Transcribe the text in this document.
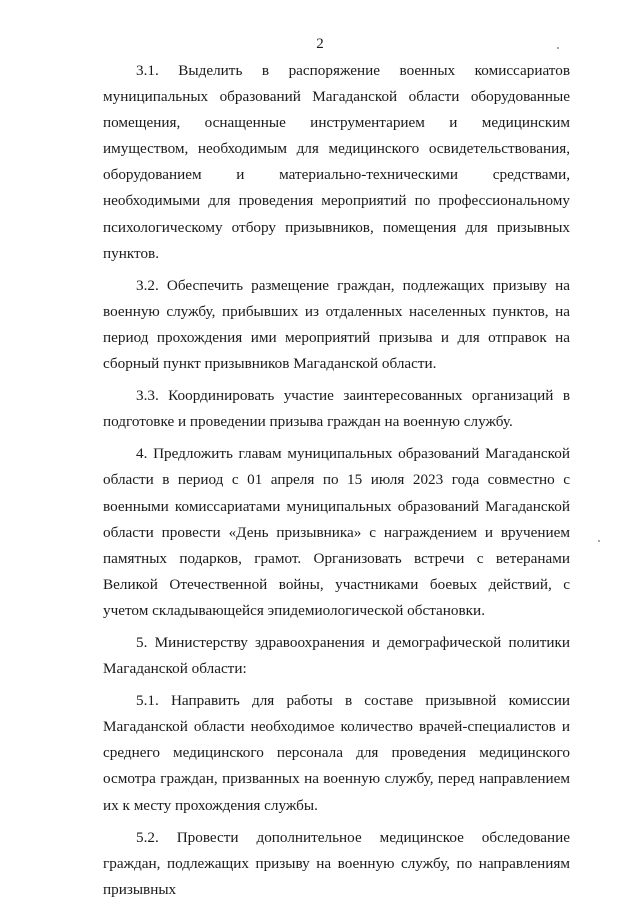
2

3.1. Выделить в распоряжение военных комиссариатов муниципальных образований Магаданской области оборудованные помещения, оснащенные инструментарием и медицинским имуществом, необходимым для медицинского освидетельствования, оборудованием и материально-техническими средствами, необходимыми для проведения мероприятий по профессиональному психологическому отбору призывников, помещения для призывных пунктов.

3.2. Обеспечить размещение граждан, подлежащих призыву на военную службу, прибывших из отдаленных населенных пунктов, на период прохождения ими мероприятий призыва и для отправок на сборный пункт призывников Магаданской области.

3.3. Координировать участие заинтересованных организаций в подготовке и проведении призыва граждан на военную службу.

4. Предложить главам муниципальных образований Магаданской области в период с 01 апреля по 15 июля 2023 года совместно с военными комиссариатами муниципальных образований Магаданской области провести «День призывника» с награждением и вручением памятных подарков, грамот. Организовать встречи с ветеранами Великой Отечественной войны, участниками боевых действий, с учетом складывающейся эпидемиологической обстановки.

5. Министерству здравоохранения и демографической политики Магаданской области:

5.1. Направить для работы в составе призывной комиссии Магаданской области необходимое количество врачей-специалистов и среднего медицинского персонала для проведения медицинского осмотра граждан, призванных на военную службу, перед направлением их к месту прохождения службы.

5.2. Провести дополнительное медицинское обследование граждан, подлежащих призыву на военную службу, по направлениям призывных
